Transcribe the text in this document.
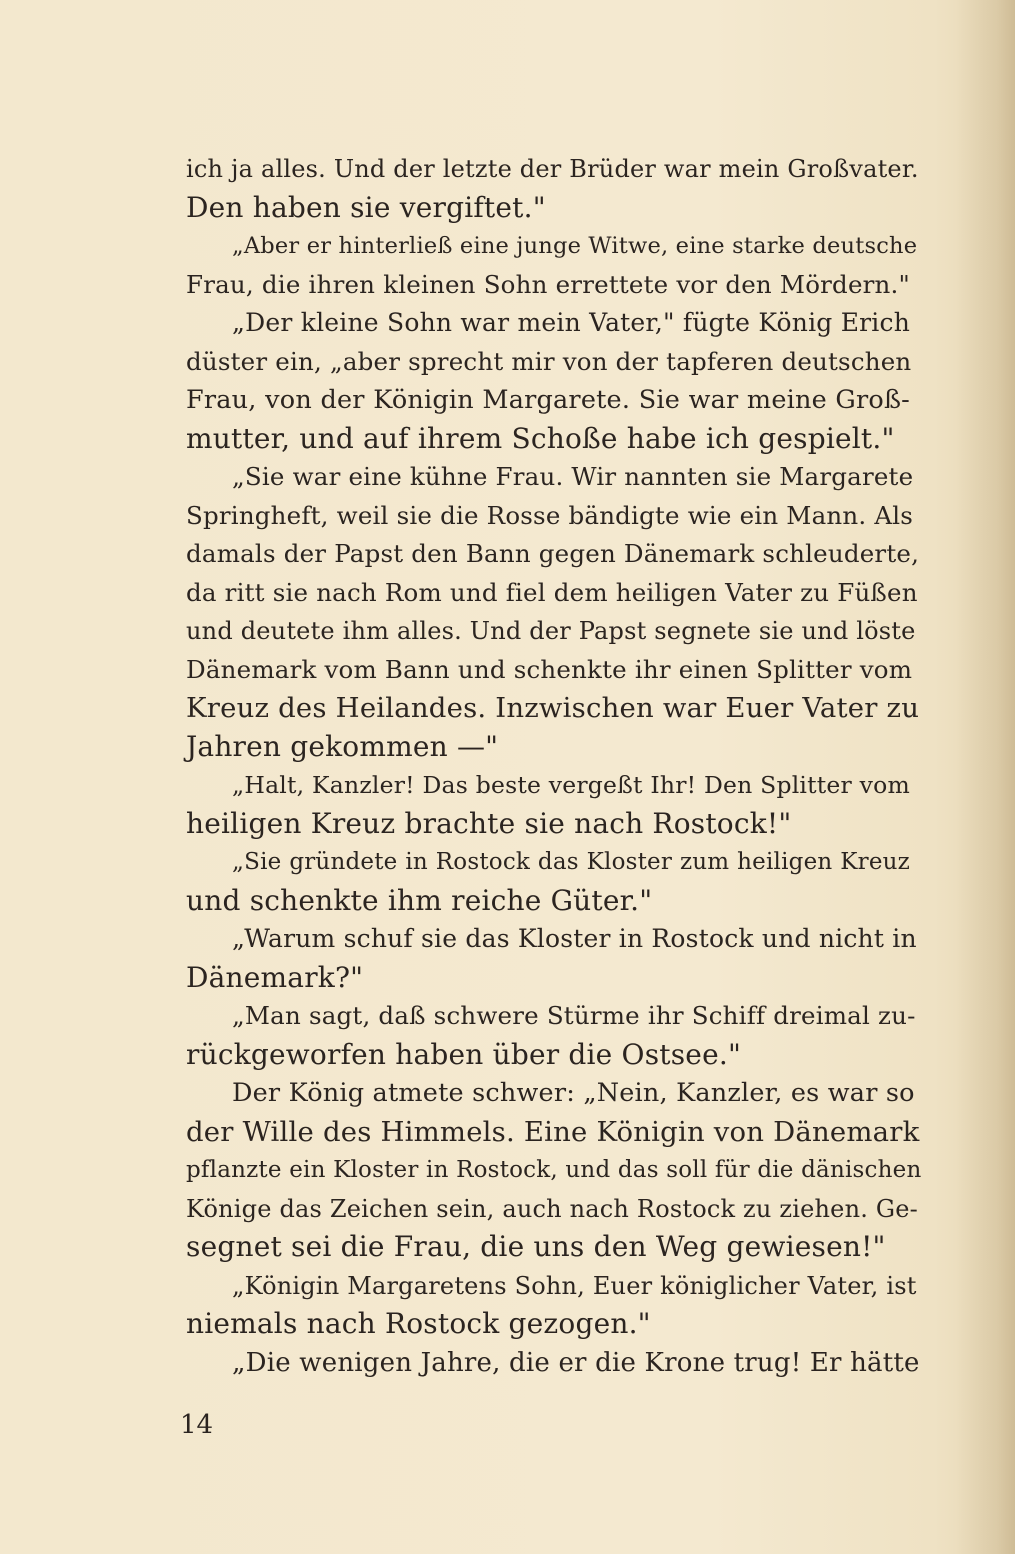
ich ja alles. Und der letzte der Brüder war mein Großvater.
Den haben sie vergiftet."
„Aber er hinterließ eine junge Witwe, eine starke deutsche
Frau, die ihren kleinen Sohn errettete vor den Mördern."
„Der kleine Sohn war mein Vater," fügte König Erich
düster ein, „aber sprecht mir von der tapferen deutschen
Frau, von der Königin Margarete. Sie war meine Groß-
mutter, und auf ihrem Schoße habe ich gespielt."
„Sie war eine kühne Frau. Wir nannten sie Margarete
Springheft, weil sie die Rosse bändigte wie ein Mann. Als
damals der Papst den Bann gegen Dänemark schleuderte,
da ritt sie nach Rom und fiel dem heiligen Vater zu Füßen
und deutete ihm alles. Und der Papst segnete sie und löste
Dänemark vom Bann und schenkte ihr einen Splitter vom
Kreuz des Heilandes. Inzwischen war Euer Vater zu
Jahren gekommen —"
„Halt, Kanzler! Das beste vergeßt Ihr! Den Splitter vom
heiligen Kreuz brachte sie nach Rostock!"
„Sie gründete in Rostock das Kloster zum heiligen Kreuz
und schenkte ihm reiche Güter."
„Warum schuf sie das Kloster in Rostock und nicht in
Dänemark?"
„Man sagt, daß schwere Stürme ihr Schiff dreimal zu-
rückgeworfen haben über die Ostsee."
Der König atmete schwer: „Nein, Kanzler, es war so
der Wille des Himmels. Eine Königin von Dänemark
pflanzte ein Kloster in Rostock, und das soll für die dänischen
Könige das Zeichen sein, auch nach Rostock zu ziehen. Ge-
segnet sei die Frau, die uns den Weg gewiesen!"
„Königin Margaretens Sohn, Euer königlicher Vater, ist
niemals nach Rostock gezogen."
„Die wenigen Jahre, die er die Krone trug! Er hätte
14
